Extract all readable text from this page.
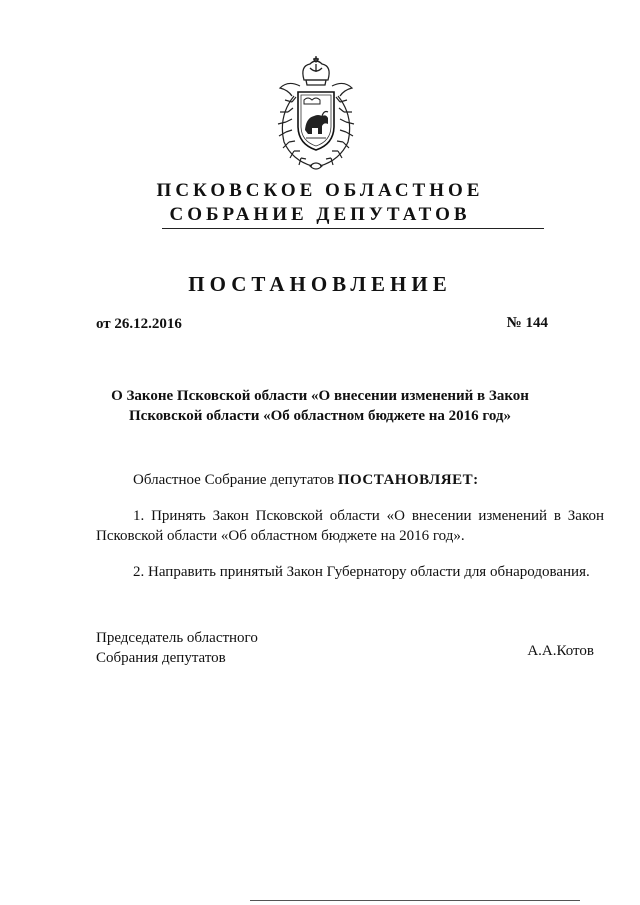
ПСКОВСКОЕ ОБЛАСТНОЕ
СОБРАНИЕ ДЕПУТАТОВ
ПОСТАНОВЛЕНИЕ
от 26.12.2016	№ 144
О Законе Псковской области «О внесении изменений в Закон
Псковской области «Об областном бюджете на 2016 год»
Областное Собрание депутатов ПОСТАНОВЛЯЕТ:
1. Принять Закон Псковской области «О внесении изменений в Закон Псковской области «Об областном бюджете на 2016 год».
2. Направить принятый Закон Губернатору области для обнародования.
Председатель областного
Собрания депутатов	А.А.Котов
